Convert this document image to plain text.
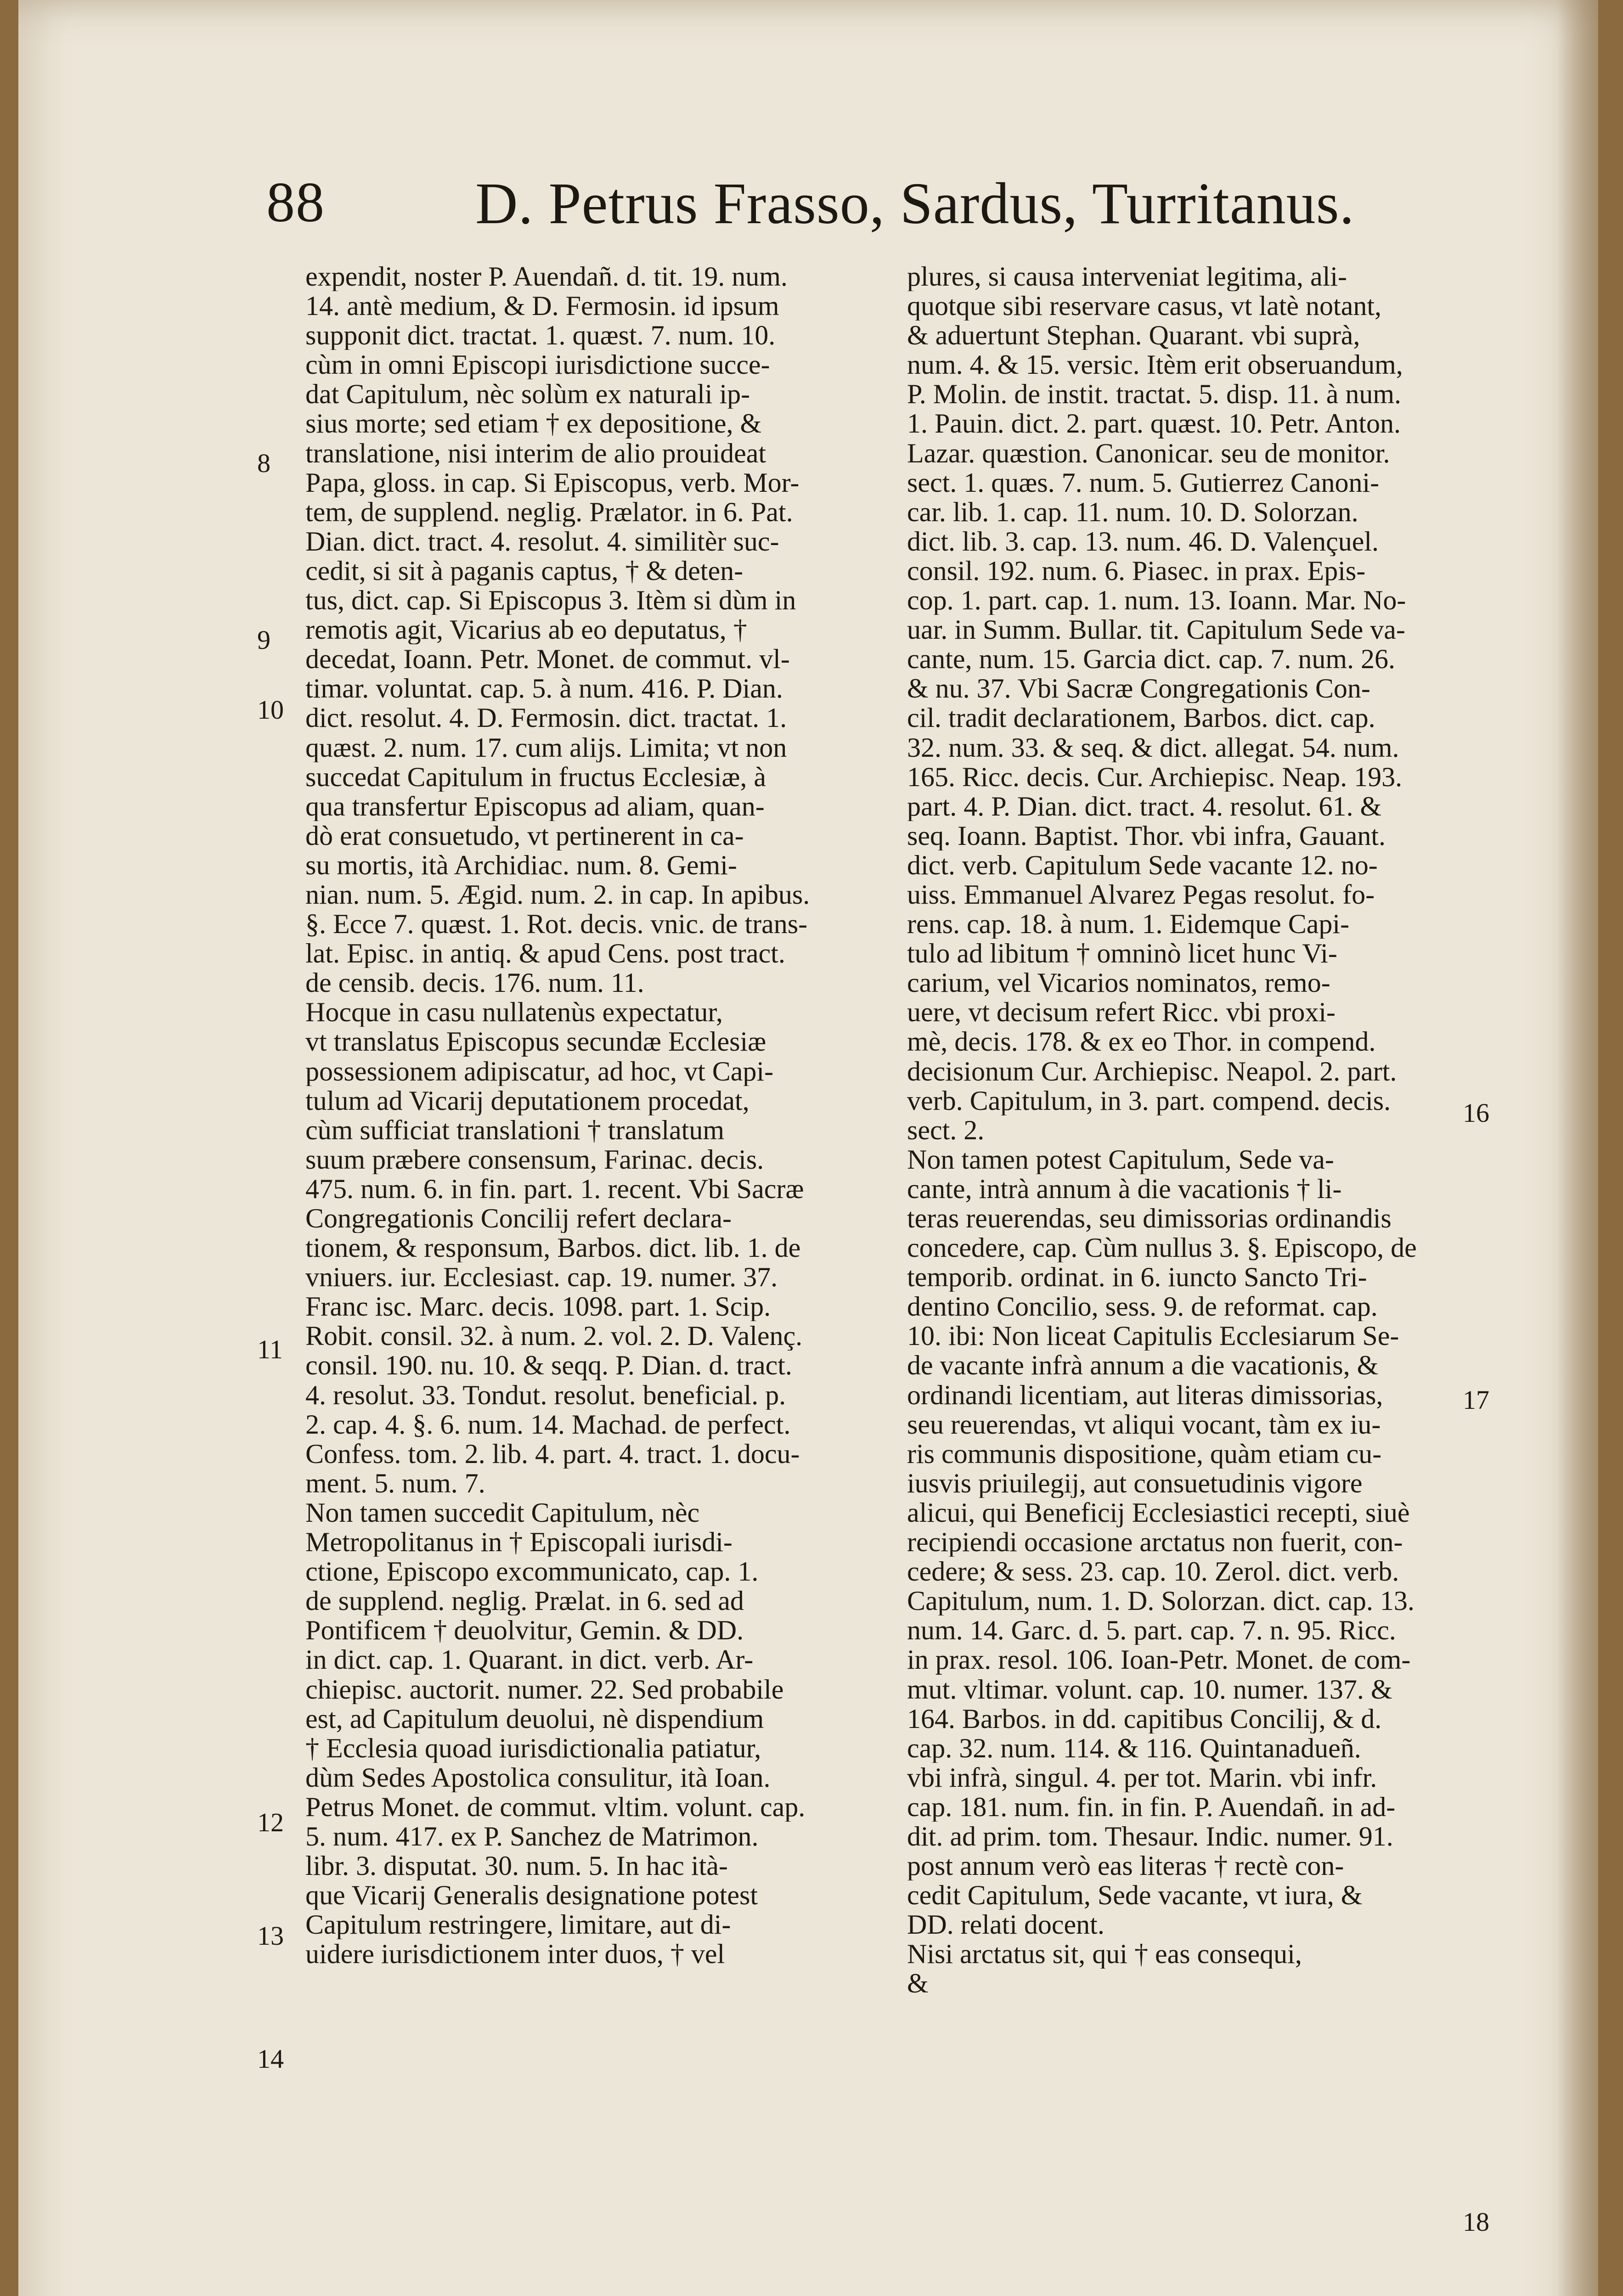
88	D. Petrus Frasso, Sardus, Turritanus.
expendit, noster P. Auendañ. d. tit. 19. num.
14. antè medium, & D. Fermosin. id ipsum
supponit dict. tractat. 1. quæst. 7. num. 10.
cùm in omni Episcopi iurisdictione succe-
dat Capitulum, nèc solùm ex naturali ip-
sius morte; sed etiam † ex depositione, &
translatione, nisi interim de alio prouideat
Papa, gloss. in cap. Si Episcopus, verb. Mor-
tem, de supplend. neglig. Prælator. in 6. Pat.
Dian. dict. tract. 4. resolut. 4. similitèr suc-
cedit, si sit à paganis captus, † & deten-
tus, dict. cap. Si Episcopus 3. Itèm si dùm in
remotis agit, Vicarius ab eo deputatus, †
decedat, Ioann. Petr. Monet. de commut. vl-
timar. voluntat. cap. 5. à num. 416. P. Dian.
dict. resolut. 4. D. Fermosin. dict. tractat. 1.
quæst. 2. num. 17. cum alijs. Limita; vt non
succedat Capitulum in fructus Ecclesiæ, à
qua transfertur Episcopus ad aliam, quan-
dò erat consuetudo, vt pertinerent in ca-
su mortis, ità Archidiac. num. 8. Gemi-
nian. num. 5. Ægid. num. 2. in cap. In apibus.
§. Ecce 7. quæst. 1. Rot. decis. vnic. de trans-
lat. Episc. in antiq. & apud Cens. post tract.
de censib. decis. 176. num. 11.
Hocque in casu nullatenùs expectatur,
vt translatus Episcopus secundæ Ecclesiæ
possessionem adipiscatur, ad hoc, vt Capi-
tulum ad Vicarij deputationem procedat,
cùm sufficiat translationi † translatum
suum præbere consensum, Farinac. decis.
475. num. 6. in fin. part. 1. recent. Vbi Sacræ
Congregationis Concilij refert declara-
tionem, & responsum, Barbos. dict. lib. 1. de
vniuers. iur. Ecclesiast. cap. 19. numer. 37.
Franc isc. Marc. decis. 1098. part. 1. Scip.
Robit. consil. 32. à num. 2. vol. 2. D. Valenç.
consil. 190. nu. 10. & seqq. P. Dian. d. tract.
4. resolut. 33. Tondut. resolut. beneficial. p.
2. cap. 4. §. 6. num. 14. Machad. de perfect.
Confess. tom. 2. lib. 4. part. 4. tract. 1. docu-
ment. 5. num. 7.
Non tamen succedit Capitulum, nèc
Metropolitanus in † Episcopali iurisdi-
ctione, Episcopo excommunicato, cap. 1.
de supplend. neglig. Prælat. in 6. sed ad
Pontificem † deuolvitur, Gemin. & DD.
in dict. cap. 1. Quarant. in dict. verb. Ar-
chiepisc. auctorit. numer. 22. Sed probabile
est, ad Capitulum deuolui, nè dispendium
† Ecclesia quoad iurisdictionalia patiatur,
dùm Sedes Apostolica consulitur, ità Ioan.
Petrus Monet. de commut. vltim. volunt. cap.
5. num. 417. ex P. Sanchez de Matrimon.
libr. 3. disputat. 30. num. 5. In hac ità-
que Vicarij Generalis designatione potest
Capitulum restringere, limitare, aut di-
uidere iurisdictionem inter duos, † vel
plures, si causa interveniat legitima, ali-
quotque sibi reservare casus, vt latè notant,
& aduertunt Stephan. Quarant. vbi suprà,
num. 4. & 15. versic. Itèm erit obseruandum,
P. Molin. de instit. tractat. 5. disp. 11. à num.
1. Pauin. dict. 2. part. quæst. 10. Petr. Anton.
Lazar. quæstion. Canonicar. seu de monitor.
sect. 1. quæs. 7. num. 5. Gutierrez Canoni-
car. lib. 1. cap. 11. num. 10. D. Solorzan.
dict. lib. 3. cap. 13. num. 46. D. Valençuel.
consil. 192. num. 6. Piasec. in prax. Epis-
cop. 1. part. cap. 1. num. 13. Ioann. Mar. No-
uar. in Summ. Bullar. tit. Capitulum Sede va-
cante, num. 15. Garcia dict. cap. 7. num. 26.
& nu. 37. Vbi Sacræ Congregationis Con-
cil. tradit declarationem, Barbos. dict. cap.
32. num. 33. & seq. & dict. allegat. 54. num.
165. Ricc. decis. Cur. Archiepisc. Neap. 193.
part. 4. P. Dian. dict. tract. 4. resolut. 61. &
seq. Ioann. Baptist. Thor. vbi infra, Gauant.
dict. verb. Capitulum Sede vacante 12. no-
uiss. Emmanuel Alvarez Pegas resolut. fo-
rens. cap. 18. à num. 1. Eidemque Capi-
tulo ad libitum † omninò licet hunc Vi-
carium, vel Vicarios nominatos, remo-
uere, vt decisum refert Ricc. vbi proxi-
mè, decis. 178. & ex eo Thor. in compend.
decisionum Cur. Archiepisc. Neapol. 2. part.
verb. Capitulum, in 3. part. compend. decis.
sect. 2.
Non tamen potest Capitulum, Sede va-
cante, intrà annum à die vacationis † li-
teras reuerendas, seu dimissorias ordinandis
concedere, cap. Cùm nullus 3. §. Episcopo, de
temporib. ordinat. in 6. iuncto Sancto Tri-
dentino Concilio, sess. 9. de reformat. cap.
10. ibi: Non liceat Capitulis Ecclesiarum Se-
de vacante infrà annum a die vacationis, &
ordinandi licentiam, aut literas dimissorias,
seu reuerendas, vt aliqui vocant, tàm ex iu-
ris communis dispositione, quàm etiam cu-
iusvis priuilegij, aut consuetudinis vigore
alicui, qui Beneficij Ecclesiastici recepti, siuè
recipiendi occasione arctatus non fuerit, con-
cedere; & sess. 23. cap. 10. Zerol. dict. verb.
Capitulum, num. 1. D. Solorzan. dict. cap. 13.
num. 14. Garc. d. 5. part. cap. 7. n. 95. Ricc.
in prax. resol. 106. Ioan-Petr. Monet. de com-
mut. vltimar. volunt. cap. 10. numer. 137. &
164. Barbos. in dd. capitibus Concilij, & d.
cap. 32. num. 114. & 116. Quintanadueñ.
vbi infrà, singul. 4. per tot. Marin. vbi infr.
cap. 181. num. fin. in fin. P. Auendañ. in ad-
dit. ad prim. tom. Thesaur. Indic. numer. 91.
post annum verò eas literas † rectè con-
cedit Capitulum, Sede vacante, vt iura, &
DD. relati docent.
Nisi arctatus sit, qui † eas consequi,
&
8
9
10
11
12
13
14
16
17
18
